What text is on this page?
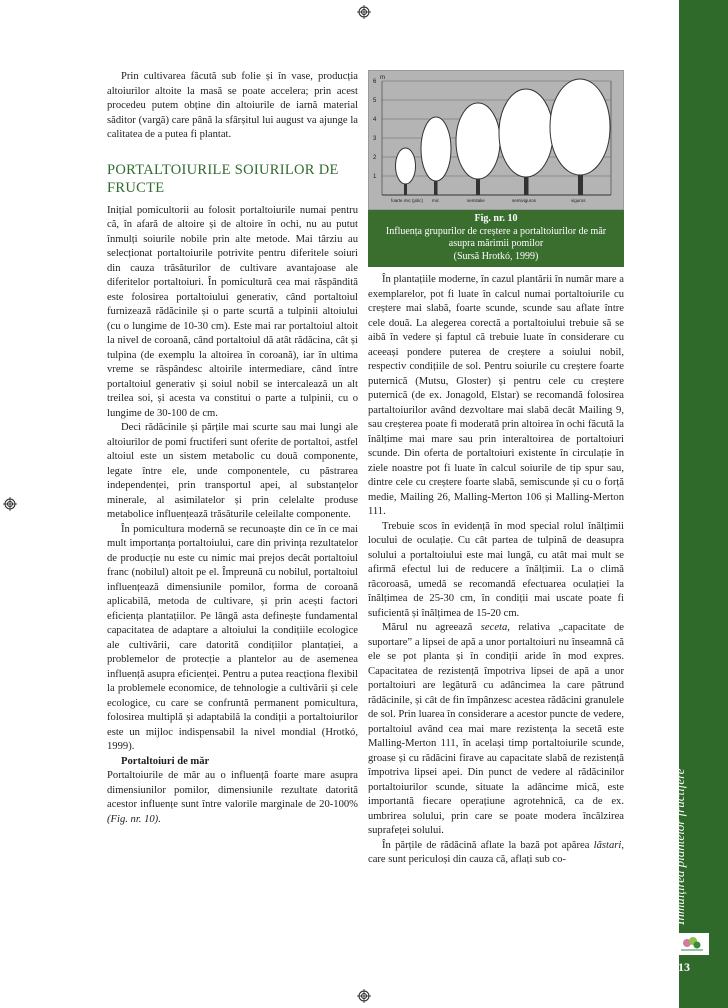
Prin cultivarea făcută sub folie și în vase, producția altoiurilor altoite la masă se poate accelera; prin acest procedeu putem obține din altoiurile de iarnă material săditor (vargă) care până la sfârșitul lui august va ajunge la calitatea de a putea fi plantat.

PORTALTOIURILE SOIURILOR DE FRUCTE

Inițial pomicultorii au folosit portaltoiurile numai pentru că, în afară de altoire și de altoire în ochi, nu au putut înmulți soiurile nobile prin alte metode. Mai târziu au selecționat portaltoiurile potrivite pentru diferitele soiuri din cauza trăsăturilor de cultivare avantajoase ale diferitelor portaltoiuri. În pomicultură cea mai răspândită este folosirea portaltoiului generativ, când portaltoiul furnizează rădăcinile și o parte scurtă a tulpinii altoiului (cu o lungime de 10-30 cm). Este mai rar portaltoiul altoit la nivel de coroană, când portaltoiul dă atât rădăcina, cât și tulpina (de exemplu la altoirea în coroană), iar în ultima vreme se răspândesc altoirile intermediare, când între portaltoiul generativ și soiul nobil se intercalează un alt treilea soi, și acesta va constitui o parte a tulpinii, cu o lungime de 30-100 de cm.

Deci rădăcinile și părțile mai scurte sau mai lungi ale altoiurilor de pomi fructiferi sunt oferite de portaltoi, astfel altoiul este un sistem metabolic cu două componente, legate între ele, unde componentele, cu păstrarea independenței, prin transportul apei, al substanțelor minerale, al asimilatelor și prin celelalte produse metabolice influențează trăsăturile celeilalte componente.

În pomicultura modernă se recunoaște din ce în ce mai mult importanța portaltoiului, care din privința rezultatelor de producție nu este cu nimic mai prejos decât portaltoiul franc (nobilul) altoit pe el. Împreună cu nobilul, portaltoiul influențează dimensiunile pomilor, forma de coroană aplicabilă, metoda de cultivare, și prin acești factori eficiența plantațiilor. Pe lângă asta definește fundamental capacitatea de adaptare a altoiului la condițiile ecologice ale cultivării, care datorită condițiilor plantației, a problemelor de protecție a plantelor au de asemenea influență asupra eficienței. Pentru a putea reacționa flexibil la problemele economice, de tehnologie a cultivării și cele ecologice, cu care se confruntă permanent pomicultura, folosirea multiplă și adaptabilă la condiții a portaltoiurilor este un mijloc indispensabil la nivel mondial (Hrotkó, 1999).

Portaltoiuri de măr

Portaltoiurile de măr au o influență foarte mare asupra dimensiunilor pomilor, dimensiunile rezultate datorită acestor influențe sunt între valorile marginale de 20-100% (Fig. nr. 10).

m
6
5
4
3
2
1
foarte mic (pitic) mic	semitalie	semiviguros	viguros
Fig. nr. 10
Influența grupurilor de creștere a portaltoiurilor de măr asupra mărimii pomilor
(Sursă Hrotkó, 1999)

În plantațiile moderne, în cazul plantării în număr mare a exemplarelor, pot fi luate în calcul numai portaltoiurile cu creștere mai slabă, foarte scunde, scunde sau aflate între cele două. La alegerea corectă a portaltoiului trebuie să se aibă în vedere și faptul că trebuie luate în considerare cu aceeași pondere puterea de creștere a soiului nobil, respectiv condițiile de sol. Pentru soiurile cu creștere foarte puternică (Mutsu, Gloster) și pentru cele cu creștere puternică (de ex. Jonagold, Elstar) se recomandă folosirea partaltoiurilor având dezvoltare mai slabă decât Mailing 9, sau creșterea poate fi moderată prin altoirea în ochi făcută la înălțime mai mare sau prin interaltoirea de portaltoiuri scunde. Din oferta de portaltoiuri existente în circulație în ziele noastre pot fi luate în calcul soiurile de tip spur sau, dintre cele cu creștere foarte slabă, semiscunde și cu o forță medie, Mailing 26, Malling-Merton 106 și Malling-Merton 111.

Trebuie scos în evidență în mod special rolul înălțimii locului de oculație. Cu cât partea de tulpină de deasupra solului a portaltoiului este mai lungă, cu atât mai mult se afirmă efectul lui de reducere a înălțimii. La o climă răcoroasă, umedă se recomandă efectuarea oculației la înălțimea de 25-30 cm, în condiții mai uscate poate fi suficientă și înălțimea de 15-20 cm.

Mărul nu agreează seceta, relativa „capacitate de suportare” a lipsei de apă a unor portaltoiuri nu înseamnă că ele se pot planta și în condiții aride în mod expres. Capacitatea de rezistență împotriva lipsei de apă a unor portaltoiuri are legătură cu adâncimea la care pătrund rădăcinile, și cât de fin împânzesc acestea rădăcini granulele de sol. Prin luarea în considerare a acestor puncte de vedere, portaltoiul având cea mai mare rezistența la secetă este Malling-Merton 111, în același timp portaltoiurile scunde, groase și cu rădăcini firave au capacitate slabă de rezistență împotriva lipsei apei. Din punct de vedere al rădăcinilor portaltoiurilor scunde, situate la adâncime mică, este importantă fiecare operațiune agrotehnică, ca de ex. umbrirea solului, prin care se poate modera încălzirea suprafeței solului.

În părțile de rădăcină aflate la bază pot apărea lăstari, care sunt periculoși din cauza că, aflați sub co-	Înmulțirea plantelor fructifere
13
